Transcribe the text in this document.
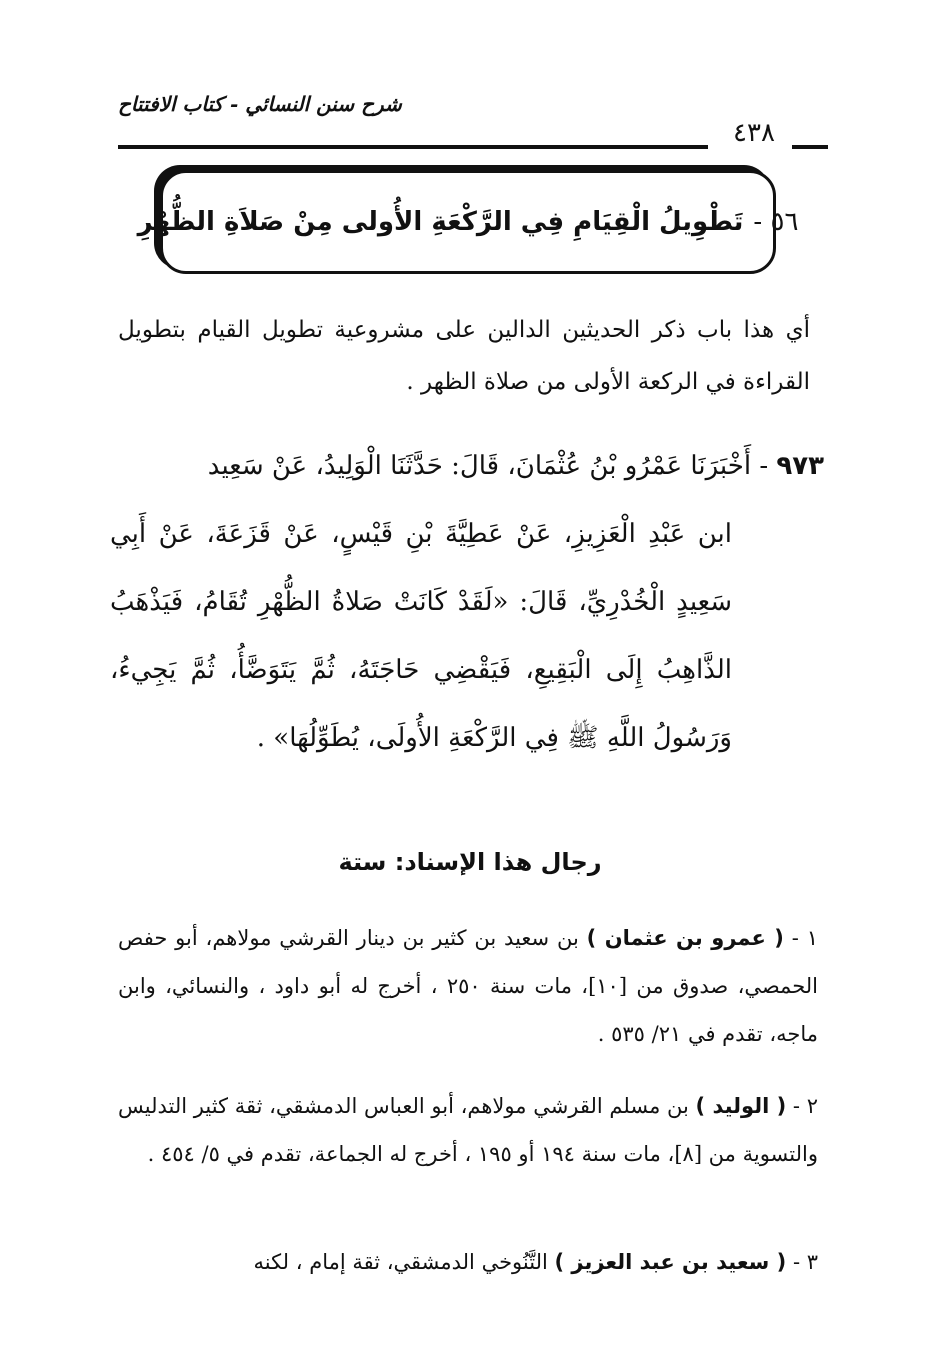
شرح سنن النسائي - كتاب الافتتاح
٤٣٨
٥٦ -
تَطْوِيلُ الْقِيَامِ فِي الرَّكْعَةِ الأُولى مِنْ صَلاَةِ الظُّهْرِ
أي هذا باب ذكر الحديثين الدالين على مشروعية تطويل القيام بتطويل القراءة في الركعة الأولى من صلاة الظهر .
٩٧٣ - أَخْبَرَنَا عَمْرُو بْنُ عُثْمَانَ، قَالَ: حَدَّثَنَا الْوَلِيدُ، عَنْ سَعِيد
ابن عَبْدِ الْعَزِيزِ، عَنْ عَطِيَّةَ بْنِ قَيْسٍ، عَنْ قَزَعَةَ، عَنْ أَبِي سَعِيدٍ الْخُدْرِيِّ، قَالَ: «لَقَدْ كَانَتْ صَلاةُ الظُّهْرِ تُقَامُ، فَيَذْهَبُ الذَّاهِبُ إِلَى الْبَقِيعِ، فَيَقْضِي حَاجَتَهُ، ثُمَّ يَتَوَضَّأُ، ثُمَّ يَجِيءُ، وَرَسُولُ اللَّهِ ﷺ فِي الرَّكْعَةِ الأُولَى، يُطَوِّلُهَا» .
رجال هذا الإسناد: ستة
١ - ( عمرو بن عثمان ) بن سعيد بن كثير بن دينار القرشي مولاهم، أبو حفص الحمصي، صدوق من [١٠]، مات سنة ٢٥٠ ، أخرج له أبو داود ، والنسائي، وابن ماجه، تقدم في ٢١/ ٥٣٥ .
٢ - ( الوليد ) بن مسلم القرشي مولاهم، أبو العباس الدمشقي، ثقة كثير التدليس والتسوية من [٨]، مات سنة ١٩٤ أو ١٩٥ ، أخرج له الجماعة، تقدم في ٥/ ٤٥٤ .
٣ - ( سعيد بن عبد العزيز ) التَّنُوخي الدمشقي، ثقة إمام ، لكنه
